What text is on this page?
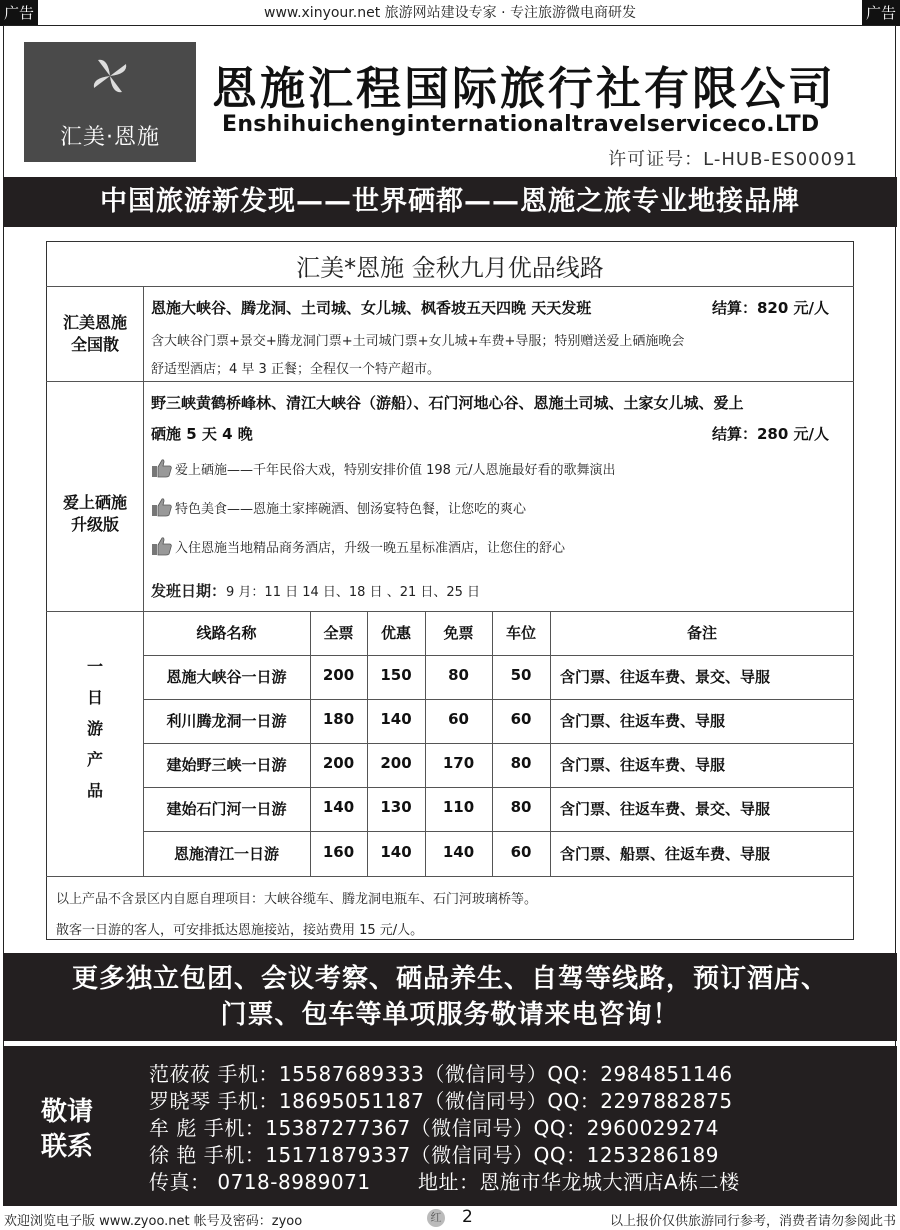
广告	广告
www.xinyour.net 旅游网站建设专家 · 专注旅游微电商研发
汇美·恩施
恩施汇程国际旅行社有限公司
Enshihuichenginternationaltravelserviceco.LTD
许可证号：L-HUB-ES00091
中国旅游新发现——世界硒都——恩施之旅专业地接品牌
汇美*恩施 金秋九月优品线路
汇美恩施
全国散
恩施大峡谷、腾龙洞、土司城、女儿城、枫香坡五天四晚 天天发班	结算：820 元/人
含大峡谷门票+景交+腾龙洞门票+土司城门票+女儿城+车费+导服；特别赠送爱上硒施晚会
舒适型酒店；4 早 3 正餐；全程仅一个特产超市。
爱上硒施
升级版
野三峡黄鹤桥峰林、清江大峡谷（游船）、石门河地心谷、恩施土司城、土家女儿城、爱上
硒施 5 天 4 晚	结算：280 元/人
爱上硒施——千年民俗大戏，特别安排价值 198 元/人恩施最好看的歌舞演出
特色美食——恩施土家摔碗酒、刨汤宴特色餐，让您吃的爽心
入住恩施当地精品商务酒店，升级一晚五星标准酒店，让您住的舒心
发班日期：9 月：11 日 14 日、18 日 、21 日、25 日
一
日
游
产
品
线路名称	全票	优惠	免票	车位	备注
恩施大峡谷一日游	200	150	80	50	含门票、往返车费、景交、导服
利川腾龙洞一日游	180	140	60	60	含门票、往返车费、导服
建始野三峡一日游	200	200	170	80	含门票、往返车费、导服
建始石门河一日游	140	130	110	80	含门票、往返车费、景交、导服
恩施清江一日游	160	140	140	60	含门票、船票、往返车费、导服
以上产品不含景区内自愿自理项目：大峡谷缆车、腾龙洞电瓶车、石门河玻璃桥等。
散客一日游的客人，可安排抵达恩施接站，接站费用 15 元/人。
更多独立包团、会议考察、硒品养生、自驾等线路，预订酒店、
门票、包车等单项服务敬请来电咨询！
敬请
联系
范莜莜 手机：15587689333（微信同号）QQ：2984851146
罗晓琴 手机：18695051187（微信同号）QQ：2297882875
牟 彪 手机：15387277367（微信同号）QQ：2960029274
徐 艳 手机：15171879337（微信同号）QQ：1253286189
传真： 0718-8989071 地址：恩施市华龙城大酒店A栋二楼
欢迎浏览电子版 www.zyoo.net 帐号及密码：zyoo	红 2	以上报价仅供旅游同行参考，消费者请勿参阅此书
